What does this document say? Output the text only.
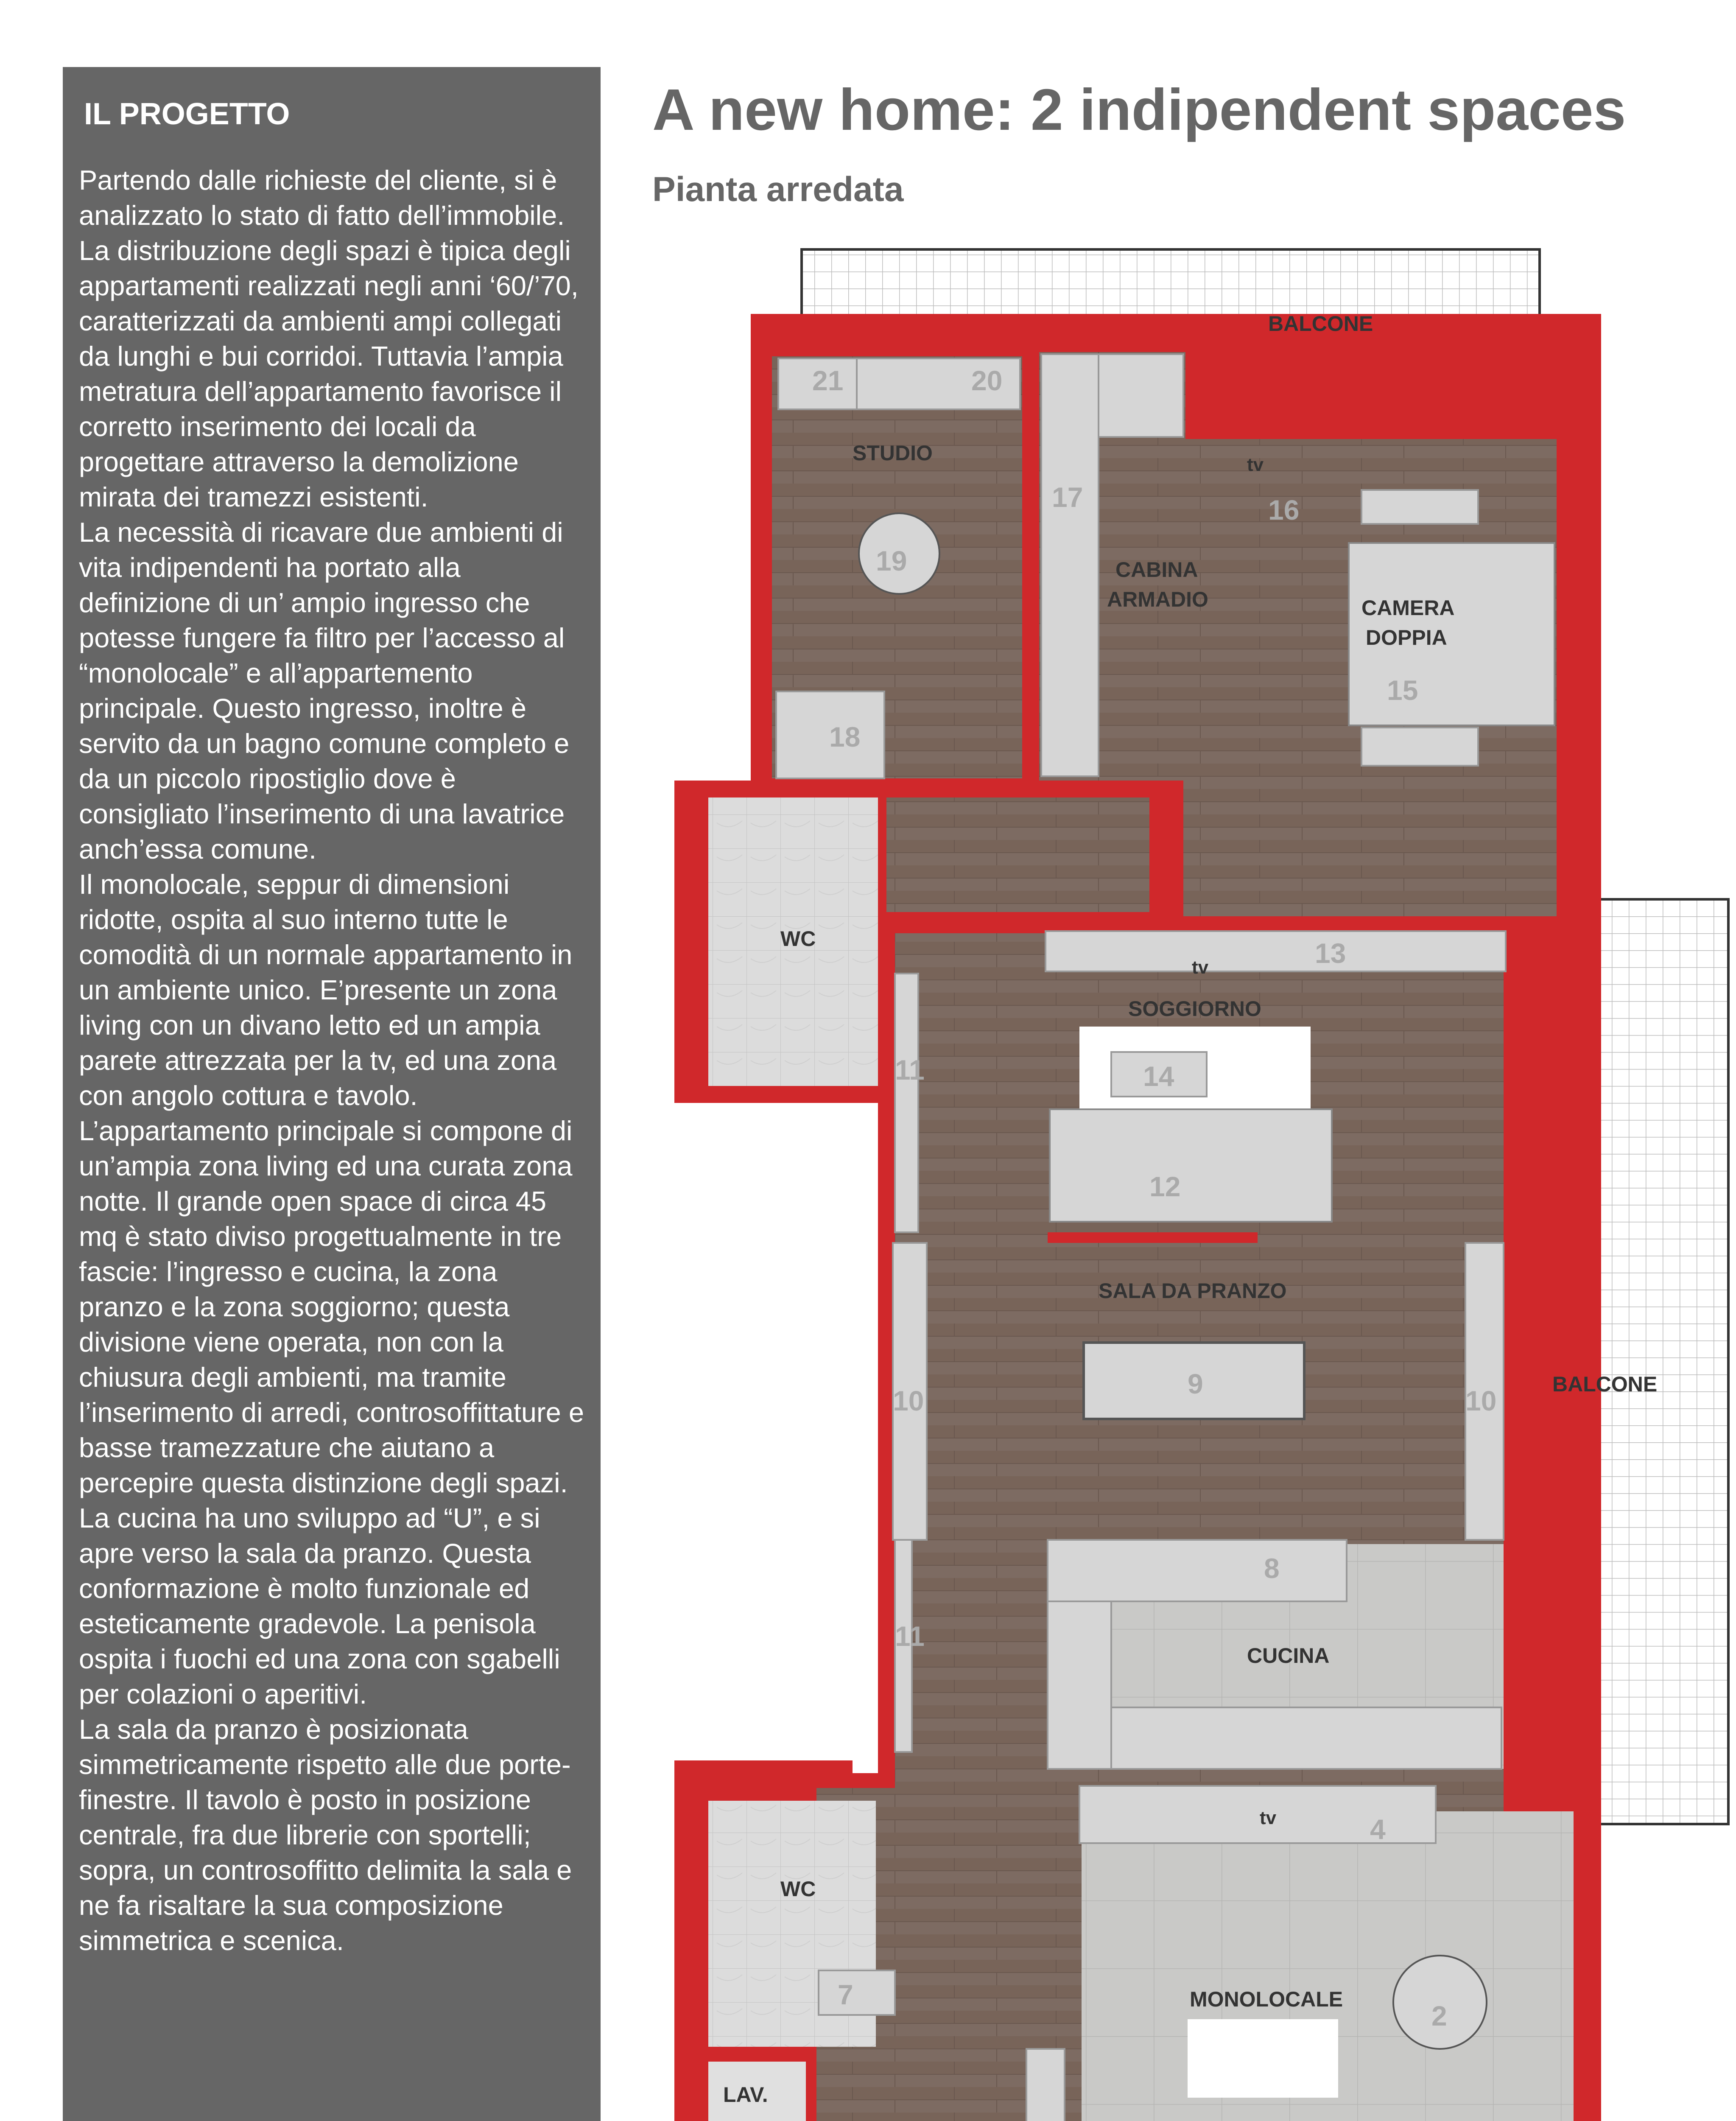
IL PROGETTO

Partendo dalle richieste del cliente, si è analizzato lo stato di fatto dell’immobile. La distribuzione degli spazi è tipica degli appartamenti realizzati negli anni ‘60/’70, caratterizzati da ambienti ampi collegati da lunghi e bui corridoi. Tuttavia l’ampia metratura dell’appartamento favorisce il corretto inserimento dei locali da progettare attraverso la demolizione mirata dei tramezzi esistenti.

La necessità di ricavare due ambienti di vita indipendenti ha portato alla definizione di un’ ampio ingresso che potesse fungere fa filtro per l’accesso al “monolocale” e all’appartemento principale. Questo ingresso, inoltre è servito da un bagno comune completo e da un piccolo ripostiglio dove è consigliato l’inserimento di una lavatrice anch’essa comune.

Il monolocale, seppur di dimensioni ridotte, ospita al suo interno tutte le comodità di un normale appartamento in un ambiente unico. E’presente un zona living con un divano letto ed un ampia parete attrezzata per la tv, ed una zona con angolo cottura e tavolo.

L’appartamento principale si compone di un’ampia zona living ed una curata zona notte. Il grande open space di circa 45 mq è stato diviso progettualmente in tre fascie: l’ingresso e cucina, la zona pranzo e la zona soggiorno; questa divisione viene operata, non con la chiusura degli ambienti, ma tramite l’inserimento di arredi, controsoffittature e basse tramezzature che aiutano a percepire questa distinzione degli spazi.

La cucina ha uno sviluppo ad “U”, e si apre verso la sala da pranzo. Questa conformazione è molto funzionale ed esteticamente gradevole. La penisola ospita i fuochi ed una zona con sgabelli per colazioni o aperitivi.

La sala da pranzo è posizionata simmetricamente rispetto alle due porte-finestre. Il tavolo è posto in posizione centrale, fra due librerie con sportelli; sopra, un controsoffitto delimita la sala e ne fa risaltare la sua composizione simmetrica e scenica.

A new home: 2 indipendent spaces
Pianta arredata
BALCONE
BALCONE
STUDIO
CABINA
ARMADIO	CAMERA
DOPPIA
WC
SOGGIORNO
SALA DA PRANZO
CUCINA
WC
MONOLOCALE
LAV.
tv
tv
tv
2
4
7
8
9
10	10
11
11
12
13
14
15
16
17
18
19
20
21
